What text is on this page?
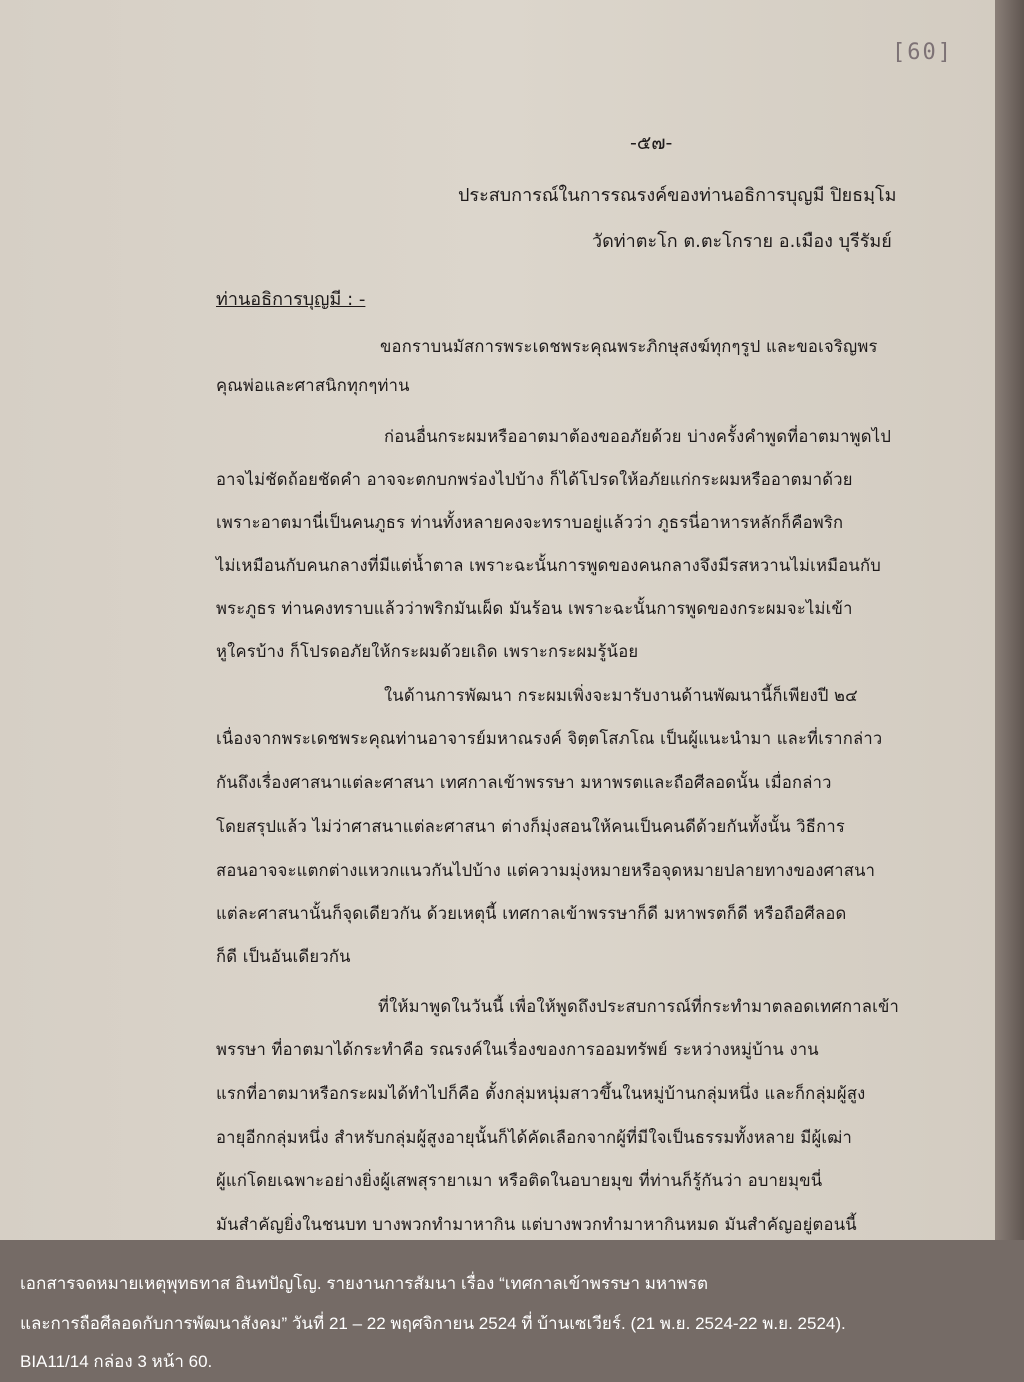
[60]
-๕๗-
ประสบการณ์ในการรณรงค์ของท่านอธิการบุญมี ปิยธมฺโม
วัดท่าตะโก ต.ตะโกราย อ.เมือง บุรีรัมย์
ท่านอธิการบุญมี : -
ขอกราบนมัสการพระเดชพระคุณพระภิกษุสงฆ์ทุกๆรูป และขอเจริญพร
คุณพ่อและศาสนิกทุกๆท่าน
ก่อนอื่นกระผมหรืออาตมาต้องขออภัยด้วย บ่างครั้งคำพูดที่อาตมาพูดไป
อาจไม่ชัดถ้อยชัดคำ อาจจะตกบกพร่องไปบ้าง ก็ได้โปรดให้อภัยแก่กระผมหรืออาตมาด้วย
เพราะอาตมานี่เป็นคนภูธร ท่านทั้งหลายคงจะทราบอยู่แล้วว่า ภูธรนี่อาหารหลักก็คือพริก
ไม่เหมือนกับคนกลางที่มีแต่น้ำตาล เพราะฉะนั้นการพูดของคนกลางจึงมีรสหวานไม่เหมือนกับ
พระภูธร ท่านคงทราบแล้วว่าพริกมันเผ็ด มันร้อน เพราะฉะนั้นการพูดของกระผมจะไม่เข้า
หูใครบ้าง ก็โปรดอภัยให้กระผมด้วยเถิด เพราะกระผมรู้น้อย
ในด้านการพัฒนา กระผมเพิ่งจะมารับงานด้านพัฒนานี้ก็เพียงปี ๒๔
เนื่องจากพระเดชพระคุณท่านอาจารย์มหาณรงค์ จิตฺตโสภโณ เป็นผู้แนะนำมา และที่เรากล่าว
กันถึงเรื่องศาสนาแต่ละศาสนา เทศกาลเข้าพรรษา มหาพรตและถือศีลอดนั้น เมื่อกล่าว
โดยสรุปแล้ว ไม่ว่าศาสนาแต่ละศาสนา ต่างก็มุ่งสอนให้คนเป็นคนดีด้วยกันทั้งนั้น วิธีการ
สอนอาจจะแตกต่างแหวกแนวกันไปบ้าง แต่ความมุ่งหมายหรือจุดหมายปลายทางของศาสนา
แต่ละศาสนานั้นก็จุดเดียวกัน ด้วยเหตุนี้ เทศกาลเข้าพรรษาก็ดี มหาพรตก็ดี หรือถือศีลอด
ก็ดี เป็นอันเดียวกัน
ที่ให้มาพูดในวันนี้ เพื่อให้พูดถึงประสบการณ์ที่กระทำมาตลอดเทศกาลเข้า
พรรษา ที่อาตมาได้กระทำคือ รณรงค์ในเรื่องของการออมทรัพย์ ระหว่างหมู่บ้าน งาน
แรกที่อาตมาหรือกระผมได้ทำไปก็คือ ตั้งกลุ่มหนุ่มสาวขึ้นในหมู่บ้านกลุ่มหนึ่ง และก็กลุ่มผู้สูง
อายุอีกกลุ่มหนึ่ง สำหรับกลุ่มผู้สูงอายุนั้นก็ได้คัดเลือกจากผู้ที่มีใจเป็นธรรมทั้งหลาย มีผู้เฒ่า
ผู้แก่โดยเฉพาะอย่างยิ่งผู้เสพสุรายาเมา หรือติดในอบายมุข ที่ท่านก็รู้กันว่า อบายมุขนี่
มันสำคัญยิ่งในชนบท บางพวกทำมาหากิน แต่บางพวกทำมาหากินหมด มันสำคัญอยู่ตอนนี้
เอกสารจดหมายเหตุพุทธทาส อินทปัญโญ. รายงานการสัมนา เรื่อง “เทศกาลเข้าพรรษา มหาพรต
และการถือศีลอดกับการพัฒนาสังคม” วันที่ 21 – 22 พฤศจิกายน 2524 ที่ บ้านเซเวียร์. (21 พ.ย. 2524-22 พ.ย. 2524).
BIA11/14 กล่อง 3 หน้า 60.
